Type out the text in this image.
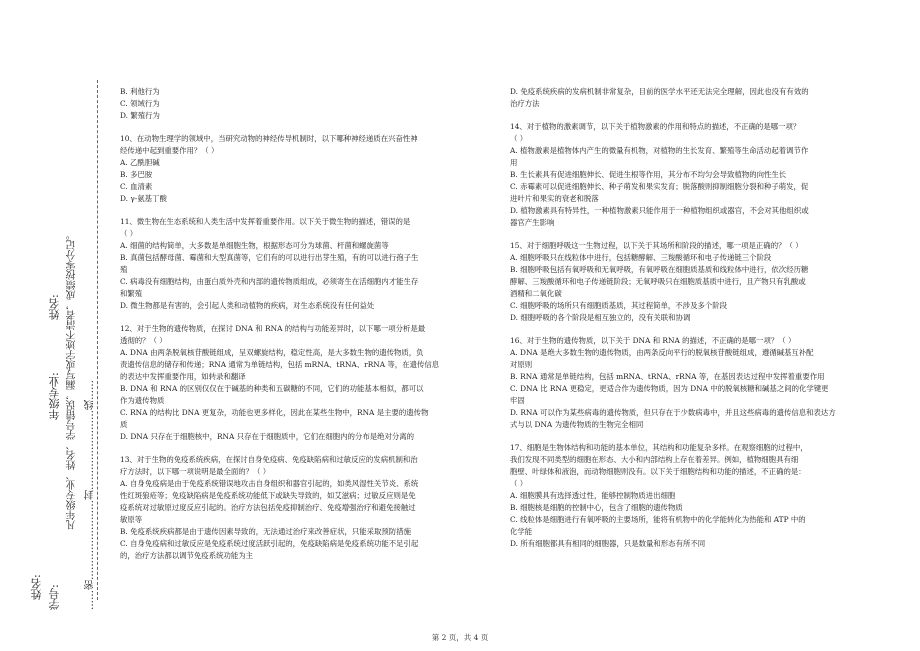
学号:
姓名:
年级专业: 凡年级专业、姓名、学号错误，漏写或字迹不清者，成绩按零分记。 ……密……………………封……………………线……
姓名:
B. 利他行为
C. 领域行为
D. 繁殖行为
10、在动物生理学的领域中，当研究动物的神经传导机制时，以下哪种神经递质在兴奋性神
经传递中起到重要作用？（ ）
A. 乙酰胆碱
B. 多巴胺
C. 血清素
D. γ-氨基丁酸
11、微生物在生态系统和人类生活中发挥着重要作用。以下关于微生物的描述，错误的是
（ ）
A. 细菌的结构简单，大多数是单细胞生物，根据形态可分为球菌、杆菌和螺旋菌等
B. 真菌包括酵母菌、霉菌和大型真菌等，它们有的可以进行出芽生殖，有的可以进行孢子生
殖
C. 病毒没有细胞结构，由蛋白质外壳和内部的遗传物质组成，必须寄生在活细胞内才能生存
和繁殖
D. 微生物都是有害的，会引起人类和动植物的疾病，对生态系统没有任何益处
12、对于生物的遗传物质，在探讨 DNA 和 RNA 的结构与功能差异时，以下哪一项分析是最
透彻的？（ ）
A. DNA 由两条脱氧核苷酸链组成，呈双螺旋结构，稳定性高，是大多数生物的遗传物质，负
责遗传信息的储存和传递；RNA 通常为单链结构，包括 mRNA、tRNA、rRNA 等，在遗传信息
的表达中发挥重要作用，如转录和翻译
B. DNA 和 RNA 的区别仅仅在于碱基的种类和五碳糖的不同，它们的功能基本相似，都可以
作为遗传物质
C. RNA 的结构比 DNA 更复杂，功能也更多样化，因此在某些生物中，RNA 是主要的遗传物
质
D. DNA 只存在于细胞核中，RNA 只存在于细胞质中，它们在细胞内的分布是绝对分离的
13、对于生物的免疫系统疾病，在探讨自身免疫病、免疫缺陷病和过敏反应的发病机制和治
疗方法时，以下哪一项说明是最全面的？（ ）
A. 自身免疫病是由于免疫系统错误地攻击自身组织和器官引起的，如类风湿性关节炎、系统
性红斑狼疮等；免疫缺陷病是免疫系统功能低下或缺失导致的，如艾滋病；过敏反应则是免
疫系统对过敏原过度反应引起的。治疗方法包括免疫抑制治疗、免疫增强治疗和避免接触过
敏原等
B. 免疫系统疾病都是由于遗传因素导致的，无法通过治疗来改善症状，只能采取预防措施
C. 自身免疫病和过敏反应是免疫系统过度活跃引起的，免疫缺陷病是免疫系统功能不足引起
的，治疗方法都以调节免疫系统功能为主
D. 免疫系统疾病的发病机制非常复杂，目前的医学水平还无法完全理解，因此也没有有效的
治疗方法
14、对于植物的激素调节，以下关于植物激素的作用和特点的描述，不正确的是哪一项？
（ ）
A. 植物激素是植物体内产生的微量有机物，对植物的生长发育、繁殖等生命活动起着调节作
用
B. 生长素具有促进细胞伸长、促进生根等作用，其分布不均匀会导致植物的向性生长
C. 赤霉素可以促进细胞伸长、种子萌发和果实发育；脱落酸则抑制细胞分裂和种子萌发，促
进叶片和果实的衰老和脱落
D. 植物激素具有特异性，一种植物激素只能作用于一种植物组织或器官，不会对其他组织或
器官产生影响
15、对于细胞呼吸这一生物过程，以下关于其场所和阶段的描述，哪一项是正确的？（ ）
A. 细胞呼吸只在线粒体中进行，包括糖酵解、三羧酸循环和电子传递链三个阶段
B. 细胞呼吸包括有氧呼吸和无氧呼吸，有氧呼吸在细胞质基质和线粒体中进行，依次经历糖
酵解、三羧酸循环和电子传递链阶段；无氧呼吸只在细胞质基质中进行，且产物只有乳酸或
酒精和二氧化碳
C. 细胞呼吸的场所只有细胞质基质，其过程简单，不涉及多个阶段
D. 细胞呼吸的各个阶段是相互独立的，没有关联和协调
16、对于生物的遗传物质，以下关于 DNA 和 RNA 的描述，不正确的是哪一项？（ ）
A. DNA 是绝大多数生物的遗传物质，由两条反向平行的脱氧核苷酸链组成，遵循碱基互补配
对原则
B. RNA 通常是单链结构，包括 mRNA、tRNA、rRNA 等，在基因表达过程中发挥着重要作用
C. DNA 比 RNA 更稳定，更适合作为遗传物质，因为 DNA 中的脱氧核糖和碱基之间的化学键更
牢固
D. RNA 可以作为某些病毒的遗传物质，但只存在于少数病毒中，并且这些病毒的遗传信息和表达方
式与以 DNA 为遗传物质的生物完全相同
17、细胞是生物体结构和功能的基本单位，其结构和功能复杂多样。在观察细胞的过程中，
我们发现不同类型的细胞在形态、大小和内部结构上存在着差异。例如，植物细胞具有细
胞壁、叶绿体和液泡，而动物细胞则没有。以下关于细胞结构和功能的描述，不正确的是：
（ ）
A. 细胞膜具有选择透过性，能够控制物质进出细胞
B. 细胞核是细胞的控制中心，包含了细胞的遗传物质
C. 线粒体是细胞进行有氧呼吸的主要场所，能将有机物中的化学能转化为热能和 ATP 中的
化学能
D. 所有细胞都具有相同的细胞器，只是数量和形态有所不同
第 2 页，共 4 页
